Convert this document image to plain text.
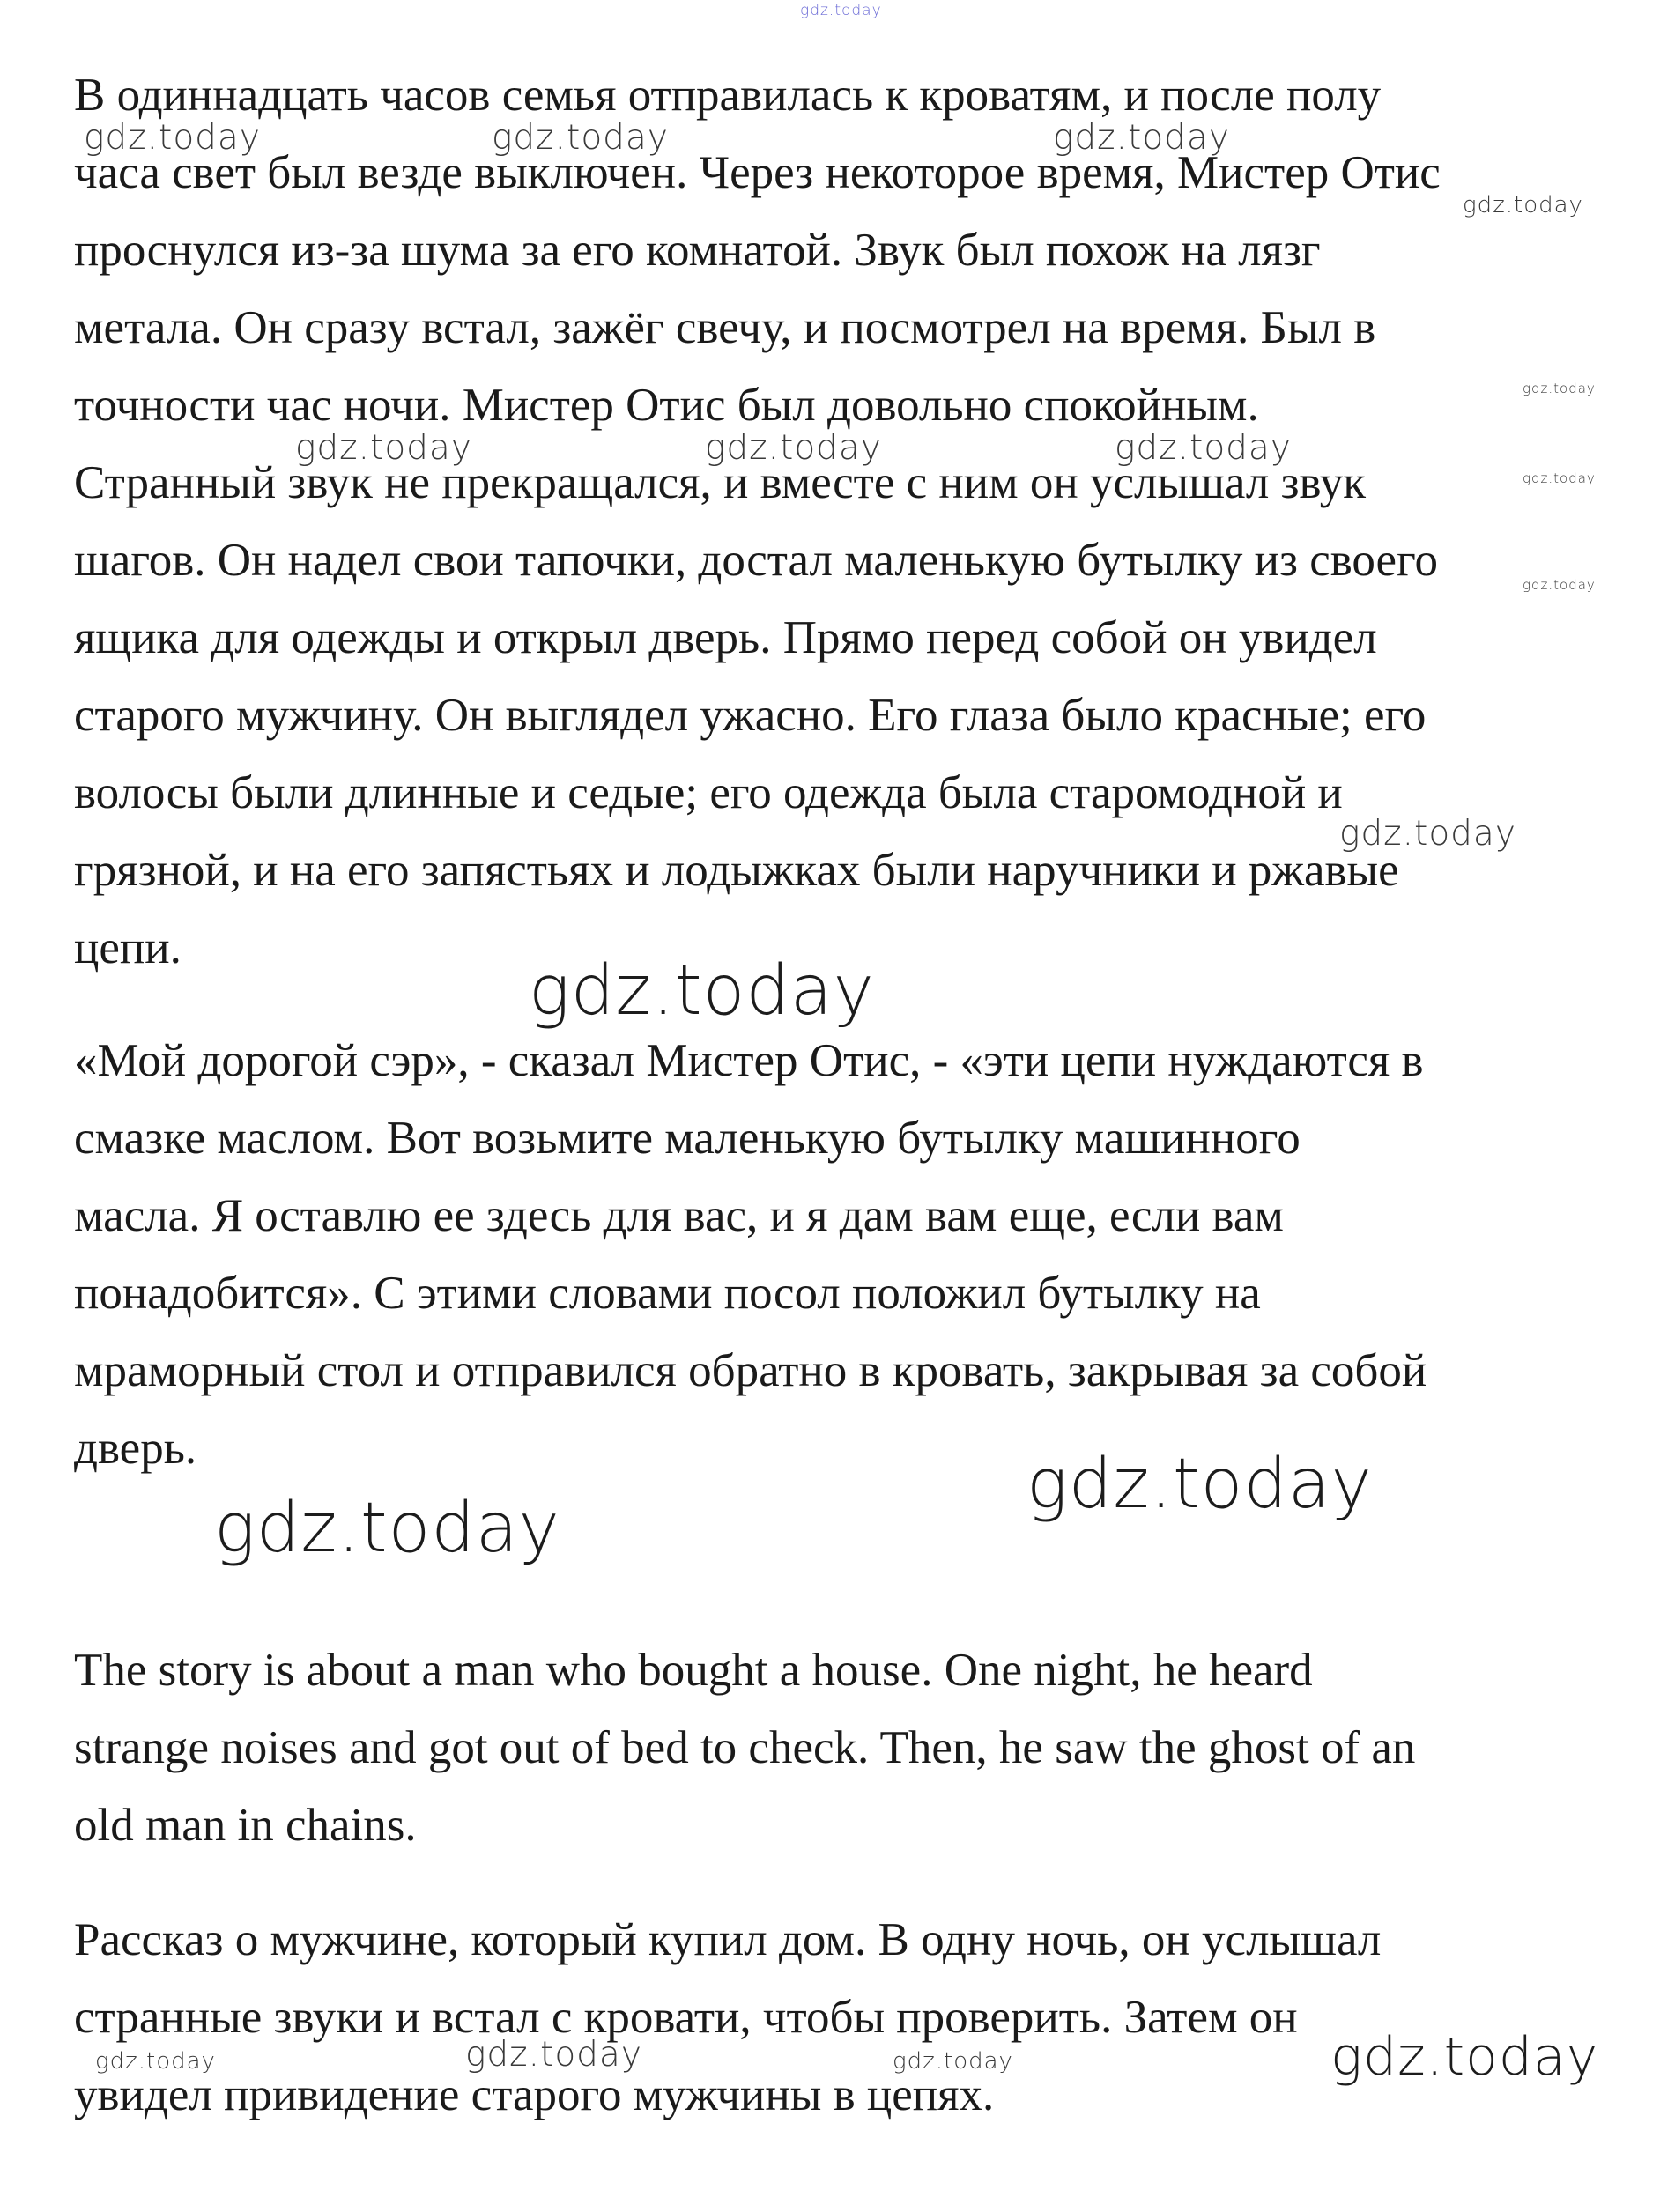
В одиннадцать часов семья отправилась к кроватям, и после полу
часа свет был везде выключен. Через некоторое время, Мистер Отис
проснулся из-за шума за его комнатой. Звук был похож на лязг
метала. Он сразу встал, зажёг свечу, и посмотрел на время. Был в
точности час ночи. Мистер Отис был довольно спокойным.
Странный звук не прекращался, и вместе с ним он услышал звук
шагов. Он надел свои тапочки, достал маленькую бутылку из своего
ящика для одежды и открыл дверь. Прямо перед собой он увидел
старого мужчину. Он выглядел ужасно. Его глаза было красные; его
волосы были длинные и седые; его одежда была старомодной и
грязной, и на его запястьях и лодыжках были наручники и ржавые
цепи.

«Мой дорогой сэр», - сказал Мистер Отис, - «эти цепи нуждаются в
смазке маслом. Вот возьмите маленькую бутылку машинного
масла. Я оставлю ее здесь для вас, и я дам вам еще, если вам
понадобится». С этими словами посол положил бутылку на
мраморный стол и отправился обратно в кровать, закрывая за собой
дверь.

The story is about a man who bought a house. One night, he heard
strange noises and got out of bed to check. Then, he saw the ghost of an
old man in chains.

Рассказ о мужчине, который купил дом. В одну ночь, он услышал
странные звуки и встал с кровати, чтобы проверить. Затем он
увидел привидение старого мужчины в цепях.

gdz.today
gdz.today	gdz.today	gdz.today
gdz.today
gdz.today
gdz.today	gdz.today	gdz.today
gdz.today
gdz.today
gdz.today
gdz.today
gdz.today
gdz.today
gdz.today	gdz.today	gdz.today	gdz.today
